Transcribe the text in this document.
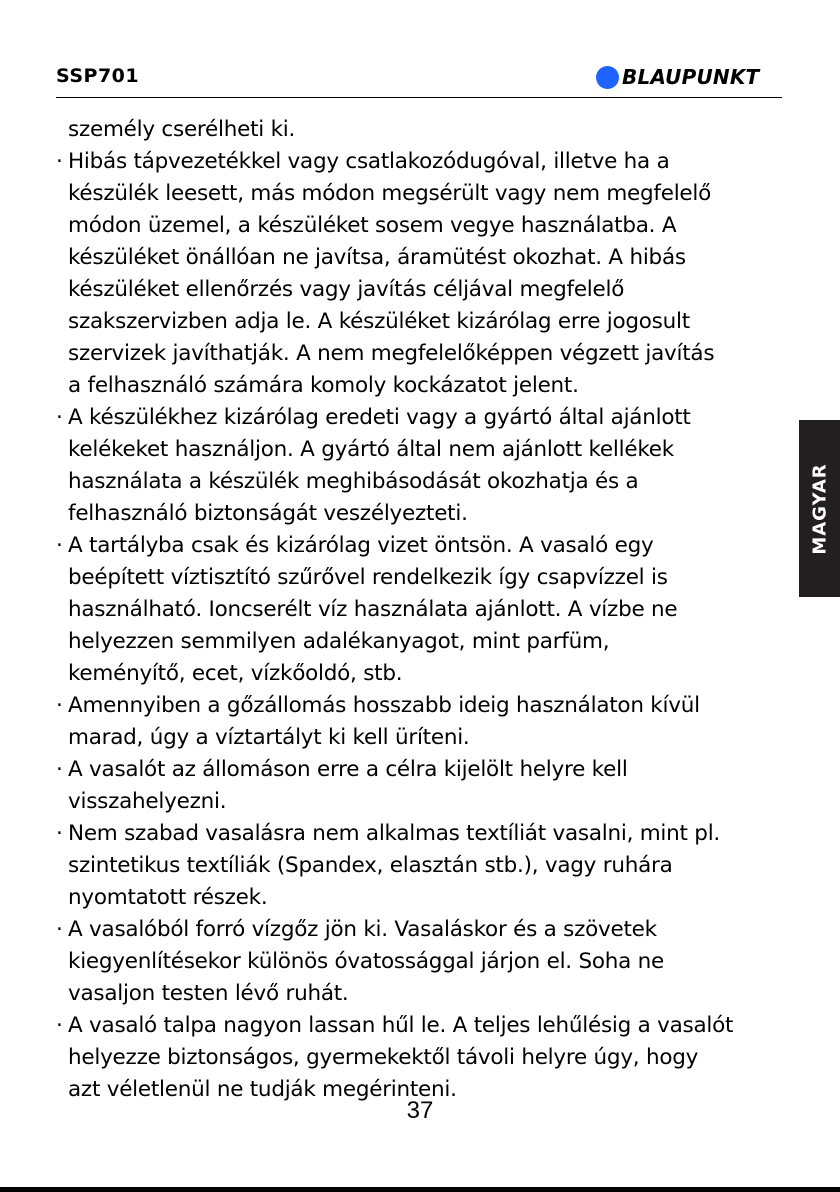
SSP701	BLAUPUNKT
személy cserélheti ki.
· Hibás tápvezetékkel vagy csatlakozódugóval, illetve ha a
készülék leesett, más módon megsérült vagy nem megfelelő
módon üzemel, a készüléket sosem vegye használatba. A
készüléket önállóan ne javítsa, áramütést okozhat. A hibás
készüléket ellenőrzés vagy javítás céljával megfelelő
szakszervizben adja le. A készüléket kizárólag erre jogosult
szervizek javíthatják. A nem megfelelőképpen végzett javítás
a felhasználó számára komoly kockázatot jelent.
· A készülékhez kizárólag eredeti vagy a gyártó által ajánlott
kelékeket használjon. A gyártó által nem ajánlott kellékek
használata a készülék meghibásodását okozhatja és a
felhasználó biztonságát veszélyezteti.
· A tartályba csak és kizárólag vizet öntsön. A vasaló egy
beépített víztisztító szűrővel rendelkezik így csapvízzel is
használható. Ioncserélt víz használata ajánlott. A vízbe ne
helyezzen semmilyen adalékanyagot, mint parfüm,
keményítő, ecet, vízkőoldó, stb.
· Amennyiben a gőzállomás hosszabb ideig használaton kívül
marad, úgy a víztartályt ki kell üríteni.
· A vasalót az állomáson erre a célra kijelölt helyre kell
visszahelyezni.
· Nem szabad vasalásra nem alkalmas textíliát vasalni, mint pl.
szintetikus textíliák (Spandex, elasztán stb.), vagy ruhára
nyomtatott részek.
· A vasalóból forró vízgőz jön ki. Vasaláskor és a szövetek
kiegyenlítésekor különös óvatossággal járjon el. Soha ne
vasaljon testen lévő ruhát.
· A vasaló talpa nagyon lassan hűl le. A teljes lehűlésig a vasalót
helyezze biztonságos, gyermekektől távoli helyre úgy, hogy
azt véletlenül ne tudják megérinteni.
MAGYAR
37
